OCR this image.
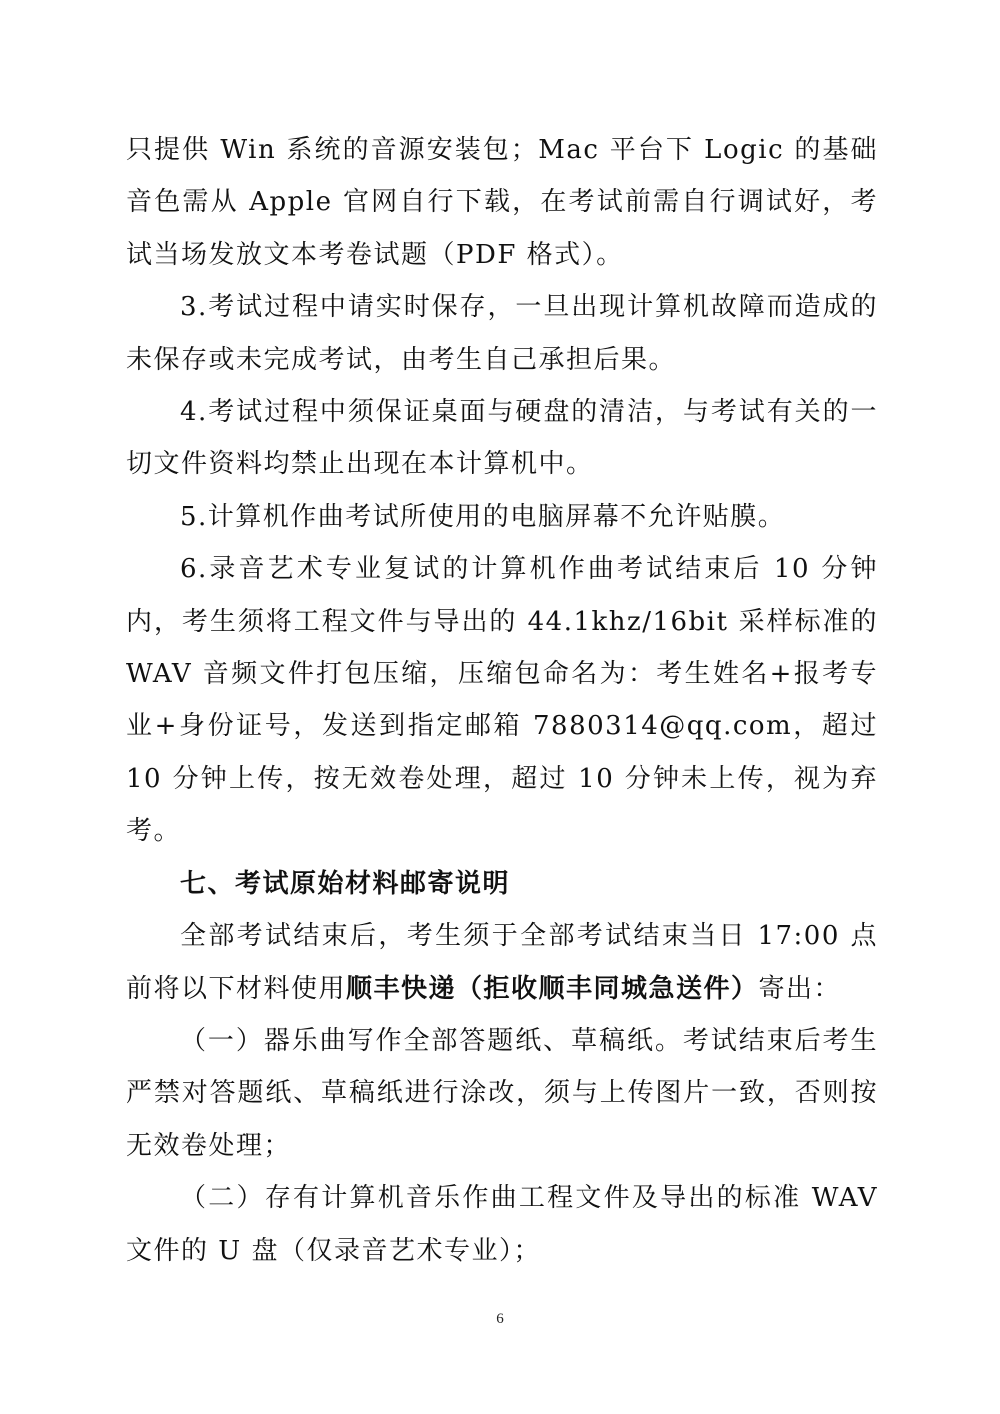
只提供 Win 系统的音源安装包；Mac 平台下 Logic 的基础音色需从 Apple 官网自行下载，在考试前需自行调试好，考试当场发放文本考卷试题（PDF 格式）。

3.考试过程中请实时保存，一旦出现计算机故障而造成的未保存或未完成考试，由考生自己承担后果。

4.考试过程中须保证桌面与硬盘的清洁，与考试有关的一切文件资料均禁止出现在本计算机中。

5.计算机作曲考试所使用的电脑屏幕不允许贴膜。

6.录音艺术专业复试的计算机作曲考试结束后 10 分钟内，考生须将工程文件与导出的 44.1khz/16bit 采样标准的 WAV 音频文件打包压缩，压缩包命名为：考生姓名+报考专业+身份证号，发送到指定邮箱 7880314@qq.com，超过 10 分钟上传，按无效卷处理，超过 10 分钟未上传，视为弃考。

七、考试原始材料邮寄说明

全部考试结束后，考生须于全部考试结束当日 17:00 点前将以下材料使用顺丰快递（拒收顺丰同城急送件）寄出：

（一）器乐曲写作全部答题纸、草稿纸。考试结束后考生严禁对答题纸、草稿纸进行涂改，须与上传图片一致，否则按无效卷处理；

（二）存有计算机音乐作曲工程文件及导出的标准 WAV 文件的 U 盘（仅录音艺术专业）；

6
